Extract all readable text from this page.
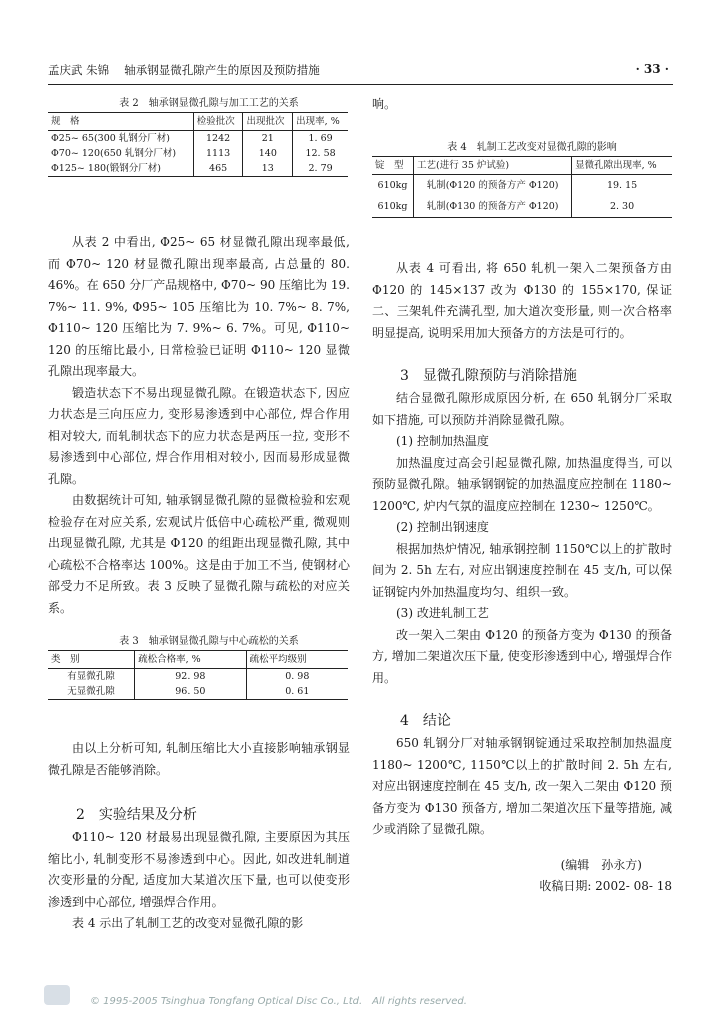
孟庆武 朱锦　 轴承钢显微孔隙产生的原因及预防措施	· 33 ·

表 2　轴承钢显微孔隙与加工工艺的关系

规　格	检验批次	出现批次	出现率, %
Φ25~ 65(300 轧钢分厂材)	1242	21	1. 69
Φ70~ 120(650 轧钢分厂材)	1113	140	12. 58
Φ125~ 180(锻钢分厂材)	465	13	2. 79

从表 2 中看出, Φ25~ 65 材显微孔隙出现率最低, 而 Φ70~ 120 材显微孔隙出现率最高, 占总量的 80. 46%。在 650 分厂产品规格中, Φ70~ 90 压缩比为 19. 7%~ 11. 9%, Φ95~ 105 压缩比为 10. 7%~ 8. 7%, Φ110~ 120 压缩比为 7. 9%~ 6. 7%。可见, Φ110~ 120 的压缩比最小, 日常检验已证明 Φ110~ 120 显微孔隙出现率最大。

锻造状态下不易出现显微孔隙。在锻造状态下, 因应力状态是三向压应力, 变形易渗透到中心部位, 焊合作用相对较大, 而轧制状态下的应力状态是两压一拉, 变形不易渗透到中心部位, 焊合作用相对较小, 因而易形成显微孔隙。

由数据统计可知, 轴承钢显微孔隙的显微检验和宏观检验存在对应关系, 宏观试片低倍中心疏松严重, 微观则出现显微孔隙, 尤其是 Φ120 的组距出现显微孔隙, 其中心疏松不合格率达 100%。这是由于加工不当, 使钢材心部受力不足所致。表 3 反映了显微孔隙与疏松的对应关系。

表 3　轴承钢显微孔隙与中心疏松的关系

类　别	疏松合格率, %	疏松平均级别
有显微孔隙	92. 98	0. 98
无显微孔隙	96. 50	0. 61

由以上分析可知, 轧制压缩比大小直接影响轴承钢显微孔隙是否能够消除。

2　实验结果及分析

Φ110~ 120 材最易出现显微孔隙, 主要原因为其压缩比小, 轧制变形不易渗透到中心。因此, 如改进轧制道次变形量的分配, 适度加大某道次压下量, 也可以使变形渗透到中心部位, 增强焊合作用。

表 4 示出了轧制工艺的改变对显微孔隙的影

响。

表 4　轧制工艺改变对显微孔隙的影响

锭　型	工艺(进行 35 炉试验)	显微孔隙出现率, %
610kg	轧制(Φ120 的预备方产 Φ120)	19. 15
610kg	轧制(Φ130 的预备方产 Φ120)	2. 30

从表 4 可看出, 将 650 轧机一架入二架预备方由 Φ120 的 145×137 改为 Φ130 的 155×170, 保证二、三架轧件充满孔型, 加大道次变形量, 则一次合格率明显提高, 说明采用加大预备方的方法是可行的。

3　显微孔隙预防与消除措施

结合显微孔隙形成原因分析, 在 650 轧钢分厂采取如下措施, 可以预防并消除显微孔隙。

(1) 控制加热温度

加热温度过高会引起显微孔隙, 加热温度得当, 可以预防显微孔隙。轴承钢钢锭的加热温度应控制在 1180~ 1200℃, 炉内气氛的温度应控制在 1230~ 1250℃。

(2) 控制出钢速度

根据加热炉情况, 轴承钢控制 1150℃以上的扩散时间为 2. 5h 左右, 对应出钢速度控制在 45 支/h, 可以保证钢锭内外加热温度均匀、组织一致。

(3) 改进轧制工艺

改一架入二架由 Φ120 的预备方变为 Φ130 的预备方, 增加二架道次压下量, 使变形渗透到中心, 增强焊合作用。

4　结论

650 轧钢分厂对轴承钢钢锭通过采取控制加热温度 1180~ 1200℃, 1150℃以上的扩散时间 2. 5h 左右, 对应出钢速度控制在 45 支/h, 改一架入二架由 Φ120 预备方变为 Φ130 预备方, 增加二架道次压下量等措施, 减少或消除了显微孔隙。

(编辑　孙永方)

收稿日期: 2002- 08- 18

© 1995-2005 Tsinghua Tongfang Optical Disc Co., Ltd.　All rights reserved.
